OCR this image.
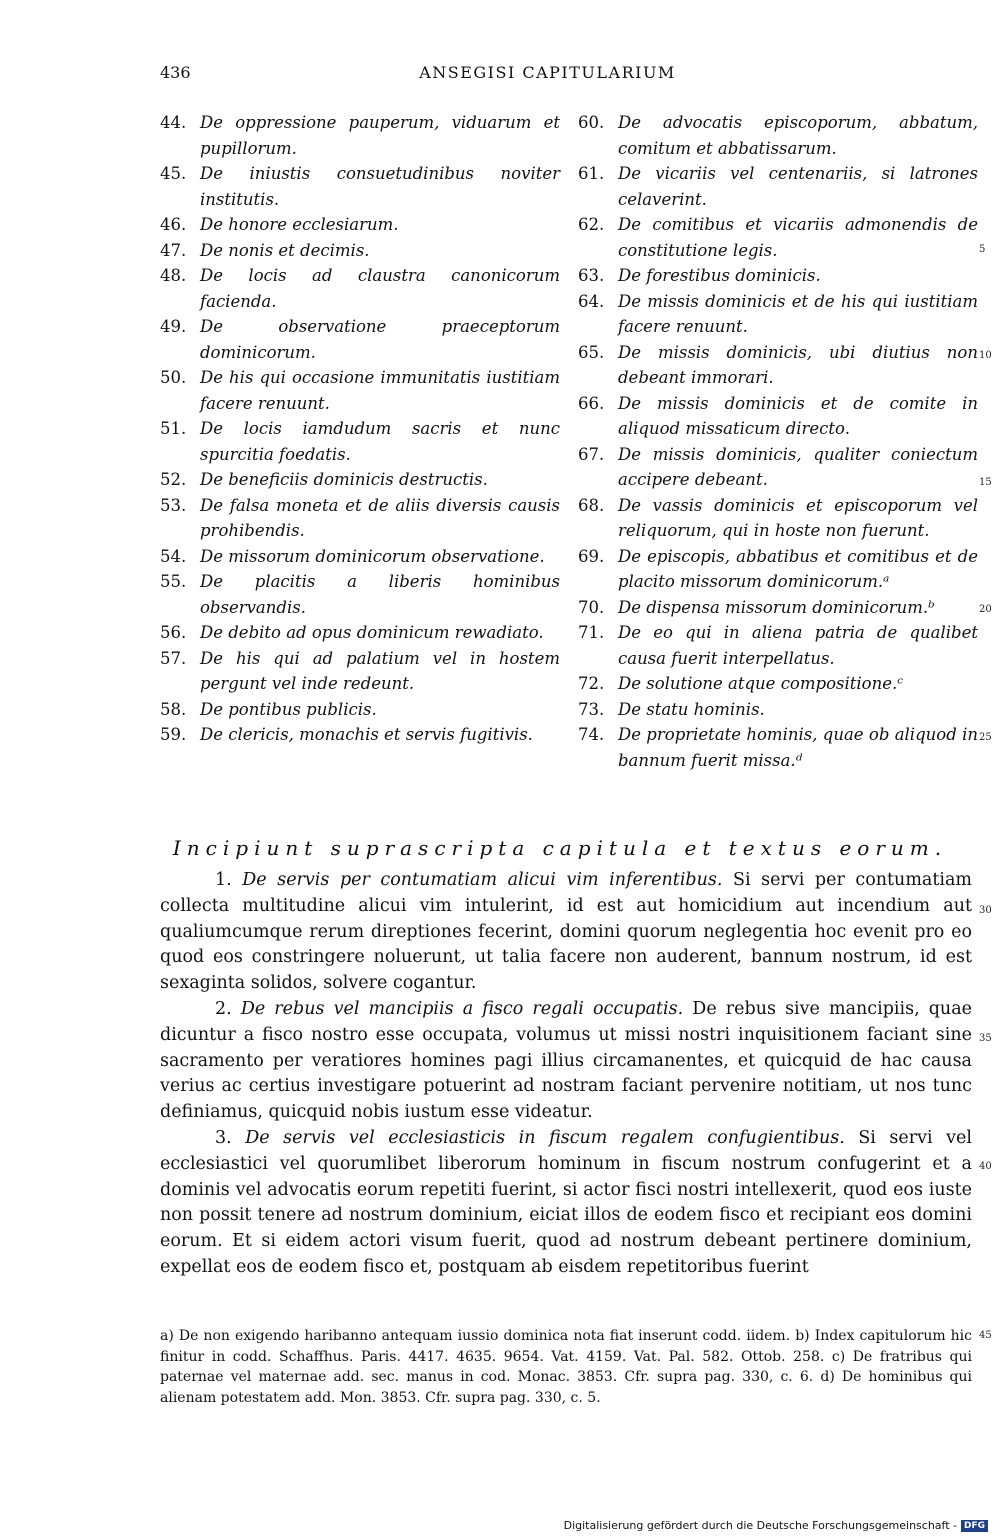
436	ANSEGISI CAPITULARIUM
44. De oppressione pauperum, viduarum et pupillorum.
45. De iniustis consuetudinibus noviter institutis.
46. De honore ecclesiarum.
47. De nonis et decimis.
48. De locis ad claustra canonicorum facienda.
49. De observatione praeceptorum dominicorum.
50. De his qui occasione immunitatis iustitiam facere renuunt.
51. De locis iamdudum sacris et nunc spurcitia foedatis.
52. De beneficiis dominicis destructis.
53. De falsa moneta et de aliis diversis causis prohibendis.
54. De missorum dominicorum observatione.
55. De placitis a liberis hominibus observandis.
56. De debito ad opus dominicum rewadiato.
57. De his qui ad palatium vel in hostem pergunt vel inde redeunt.
58. De pontibus publicis.
59. De clericis, monachis et servis fugitivis.
60. De advocatis episcoporum, abbatum, comitum et abbatissarum.
61. De vicariis vel centenariis, si latrones celaverint.
62. De comitibus et vicariis admonendis de constitutione legis.
63. De forestibus dominicis.
64. De missis dominicis et de his qui iustitiam facere renuunt.
65. De missis dominicis, ubi diutius non debeant immorari.
66. De missis dominicis et de comite in aliquod missaticum directo.
67. De missis dominicis, qualiter coniectum accipere debeant.
68. De vassis dominicis et episcoporum vel reliquorum, qui in hoste non fuerunt.
69. De episcopis, abbatibus et comitibus et de placito missorum dominicorum.ᵃ
70. De dispensa missorum dominicorum.ᵇ
71. De eo qui in aliena patria de qualibet causa fuerit interpellatus.
72. De solutione atque compositione.ᶜ
73. De statu hominis.
74. De proprietate hominis, quae ob aliquod in bannum fuerit missa.ᵈ
5
10
15
20
25
30
35
40
45
Incipiunt suprascripta capitula et textus eorum.

1. De servis per contumatiam alicui vim inferentibus. Si servi per contumatiam collecta multitudine alicui vim intulerint, id est aut homicidium aut incendium aut qualiumcumque rerum direptiones fecerint, domini quorum neglegentia hoc evenit pro eo quod eos constringere noluerunt, ut talia facere non auderent, bannum nostrum, id est sexaginta solidos, solvere cogantur.

2. De rebus vel mancipiis a fisco regali occupatis. De rebus sive mancipiis, quae dicuntur a fisco nostro esse occupata, volumus ut missi nostri inquisitionem faciant sine sacramento per veratiores homines pagi illius circamanentes, et quicquid de hac causa verius ac certius investigare potuerint ad nostram faciant pervenire notitiam, ut nos tunc definiamus, quicquid nobis iustum esse videatur.

3. De servis vel ecclesiasticis in fiscum regalem confugientibus. Si servi vel ecclesiastici vel quorumlibet liberorum hominum in fiscum nostrum confugerint et a dominis vel advocatis eorum repetiti fuerint, si actor fisci nostri intellexerit, quod eos iuste non possit tenere ad nostrum dominium, eiciat illos de eodem fisco et recipiant eos domini eorum. Et si eidem actori visum fuerit, quod ad nostrum debeant pertinere dominium, expellat eos de eodem fisco et, postquam ab eisdem repetitoribus fuerint

a) De non exigendo haribanno antequam iussio dominica nota fiat inserunt codd. iidem. b) Index capitulorum hic finitur in codd. Schaffhus. Paris. 4417. 4635. 9654. Vat. 4159. Vat. Pal. 582. Ottob. 258. c) De fratribus qui paternae vel maternae add. sec. manus in cod. Monac. 3853. Cfr. supra pag. 330, c. 6. d) De hominibus qui alienam potestatem add. Mon. 3853. Cfr. supra pag. 330, c. 5.
Digitalisierung gefördert durch die Deutsche Forschungsgemeinschaft - DFG
